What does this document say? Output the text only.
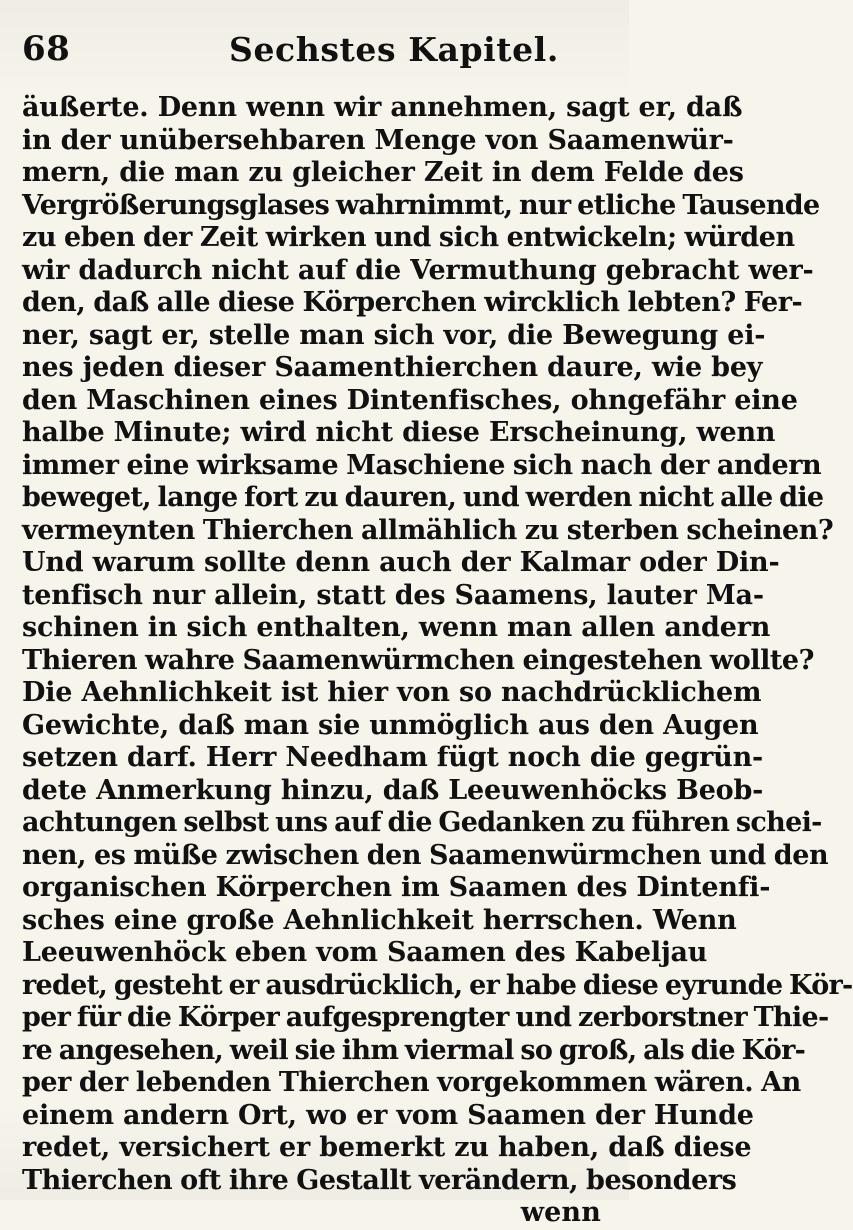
68	Sechstes Kapitel.
äußerte. Denn wenn wir annehmen, sagt er, daß
in der unübersehbaren Menge von Saamenwür-
mern, die man zu gleicher Zeit in dem Felde des
Vergrößerungsglases wahrnimmt, nur etliche Tausende
zu eben der Zeit wirken und sich entwickeln; würden
wir dadurch nicht auf die Vermuthung gebracht wer-
den, daß alle diese Körperchen wircklich lebten? Fer-
ner, sagt er, stelle man sich vor, die Bewegung ei-
nes jeden dieser Saamenthierchen daure, wie bey
den Maschinen eines Dintenfisches, ohngefähr eine
halbe Minute; wird nicht diese Erscheinung, wenn
immer eine wirksame Maschiene sich nach der andern
beweget, lange fort zu dauren, und werden nicht alle die
vermeynten Thierchen allmählich zu sterben scheinen?
Und warum sollte denn auch der Kalmar oder Din-
tenfisch nur allein, statt des Saamens, lauter Ma-
schinen in sich enthalten, wenn man allen andern
Thieren wahre Saamenwürmchen eingestehen wollte?
Die Aehnlichkeit ist hier von so nachdrücklichem
Gewichte, daß man sie unmöglich aus den Augen
setzen darf. Herr Needham fügt noch die gegrün-
dete Anmerkung hinzu, daß Leeuwenhöcks Beob-
achtungen selbst uns auf die Gedanken zu führen schei-
nen, es müße zwischen den Saamenwürmchen und den
organischen Körperchen im Saamen des Dintenfi-
sches eine große Aehnlichkeit herrschen. Wenn
Leeuwenhöck eben vom Saamen des Kabeljau
redet, gesteht er ausdrücklich, er habe diese eyrunde Kör-
per für die Körper aufgesprengter und zerborstner Thie-
re angesehen, weil sie ihm viermal so groß, als die Kör-
per der lebenden Thierchen vorgekommen wären. An
einem andern Ort, wo er vom Saamen der Hunde
redet, versichert er bemerkt zu haben, daß diese
Thierchen oft ihre Gestallt verändern, besonders
wenn
